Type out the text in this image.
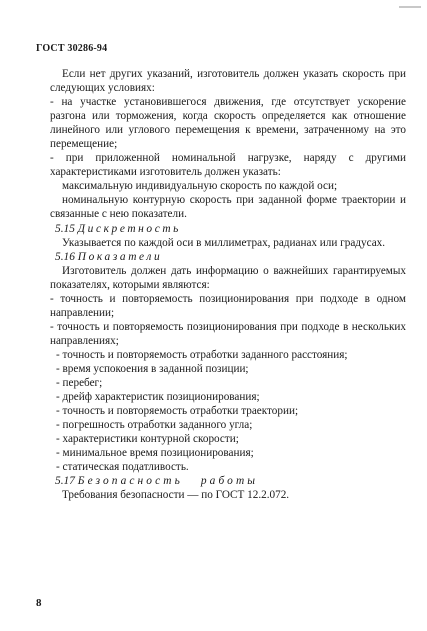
ГОСТ 30286-94

Если нет других указаний, изготовитель должен указать скорость при следующих условиях:

- на участке установившегося движения, где отсутствует ускорение разгона или торможения, когда скорость определяется как отношение линейного или углового перемещения к времени, затраченному на это перемещение;

- при приложенной номинальной нагрузке, наряду с другими характеристиками изготовитель должен указать:

максимальную индивидуальную скорость по каждой оси;

номинальную контурную скорость при заданной форме траектории и связанные с нею показатели.

5.15 Дискретность

Указывается по каждой оси в миллиметрах, радианах или градусах.

5.16 Показатели

Изготовитель должен дать информацию о важнейших гарантируемых показателях, которыми являются:

- точность и повторяемость позиционирования при подходе в одном направлении;

- точность и повторяемость позиционирования при подходе в нескольких направлениях;

- точность и повторяемость отработки заданного расстояния;

- время успокоения в заданной позиции;

- перебег;

- дрейф характеристик позиционирования;

- точность и повторяемость отработки траектории;

- погрешность отработки заданного угла;

- характеристики контурной скорости;

- минимальное время позиционирования;

- статическая податливость.

5.17 Безопасность работы

Требования безопасности — по ГОСТ 12.2.072.

8
